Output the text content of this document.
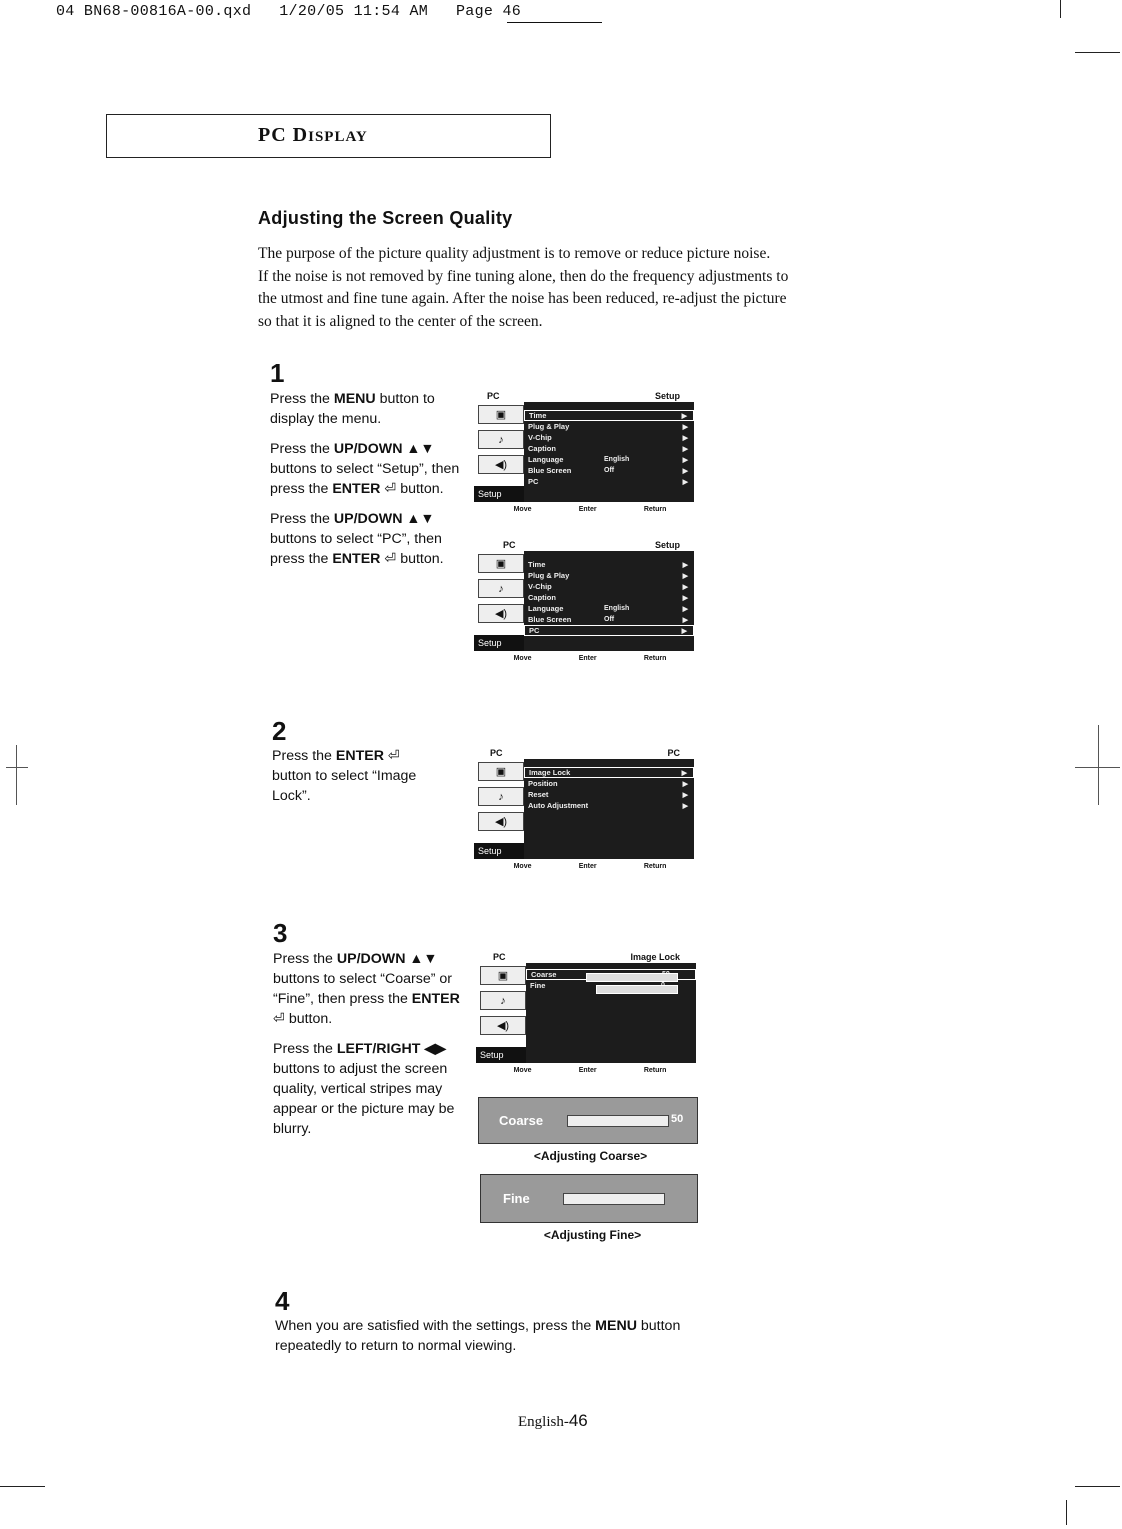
04 BN68-00816A-00.qxd   1/20/05 11:54 AM   Page 46
PC DISPLAY
Adjusting the Screen Quality

The purpose of the picture quality adjustment is to remove or reduce picture noise.

If the noise is not removed by fine tuning alone, then do the frequency adjustments to

the utmost and fine tune again. After the noise has been reduced, re-adjust the picture

so that it is aligned to the center of the screen.

1

Press the MENU button to display the menu.

Press the UP/DOWN ▲▼ buttons to select “Setup”, then press the ENTER ⏎ button.

Press the UP/DOWN ▲▼ buttons to select “PC”, then press the ENTER ⏎ button.

PC	Setup
▣
♪
◀)
Setup
Time	▶
Plug & Play	▶
V-Chip	▶
Caption	▶
Language	English	▶
Blue Screen	Off	▶
PC	▶
Move	Enter	Return
PC	Setup
▣
♪
◀)
Setup
Time	▶
Plug & Play	▶
V-Chip	▶
Caption	▶
Language	English	▶
Blue Screen	Off	▶
PC	▶
Move	Enter	Return
2

Press the ENTER ⏎ button to select “Image Lock”.

PC	PC
▣
♪
◀)
Setup
Image Lock	▶
Position	▶
Reset	▶
Auto Adjustment	▶
Move	Enter	Return
3

Press the UP/DOWN ▲▼ buttons to select “Coarse” or “Fine”, then press the ENTER ⏎ button.

Press the LEFT/RIGHT ◀▶ buttons to adjust the screen quality, vertical stripes may appear or the picture may be blurry.

PC	Image Lock
▣
♪
◀)
Setup
Coarse
Fine
Move	Enter	Return
Coarse	50
<Adjusting Coarse>
Fine
<Adjusting Fine>
4

When you are satisfied with the settings, press the MENU button repeatedly to return to normal viewing.

English-46
